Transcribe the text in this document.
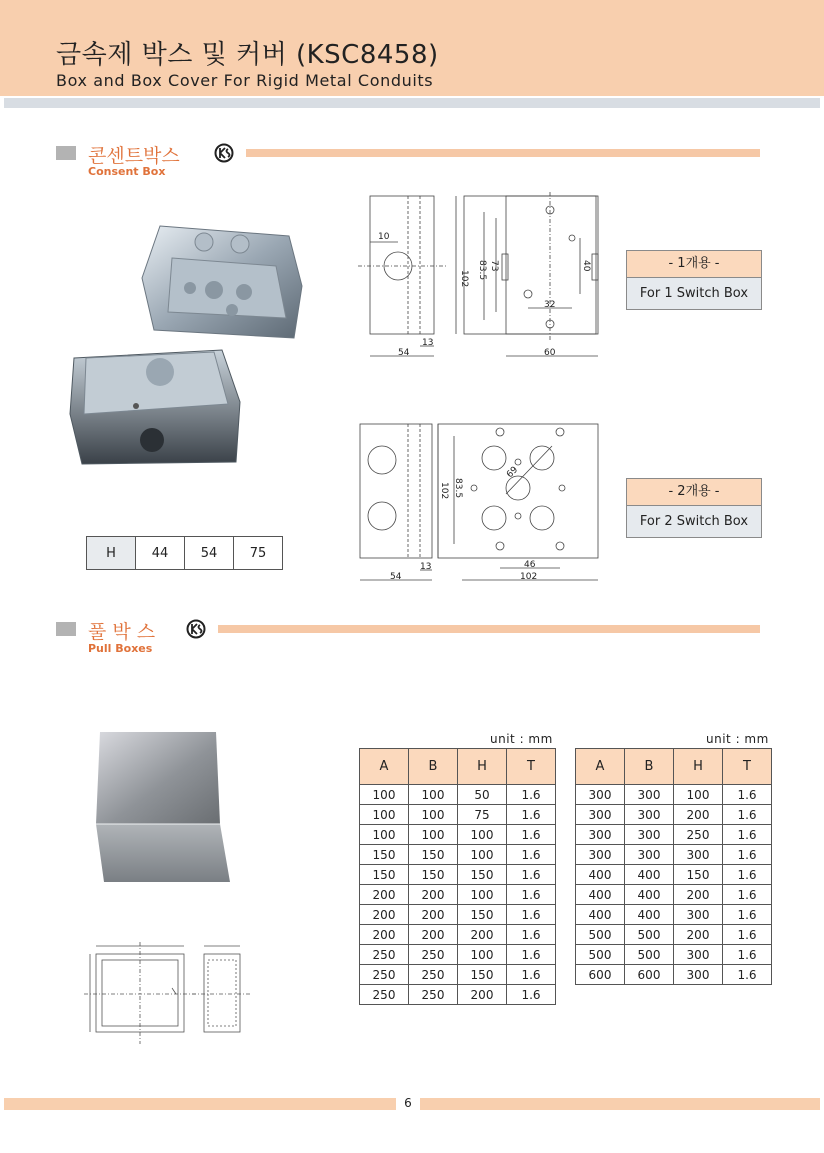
금속제 박스 및 커버 (KSC8458)
Box and Box Cover For Rigid Metal Conduits
콘센트박스
Consent Box
H	44	54	75
10
102 83.5 73	40
32
54
13
60
- 1개용 -
For 1 Switch Box
102 83.5
69
54
13	46
102
- 2개용 -
For 2 Switch Box
풀 박 스
Pull Boxes
unit : mm
A	B	H	T
100	100	50	1.6
100	100	75	1.6
100	100	100	1.6
150	150	100	1.6
150	150	150	1.6
200	200	100	1.6
200	200	150	1.6
200	200	200	1.6
250	250	100	1.6
250	250	150	1.6
250	250	200	1.6
unit : mm
A	B	H	T
300	300	100	1.6
300	300	200	1.6
300	300	250	1.6
300	300	300	1.6
400	400	150	1.6
400	400	200	1.6
400	400	300	1.6
500	500	200	1.6
500	500	300	1.6
600	600	300	1.6
6
